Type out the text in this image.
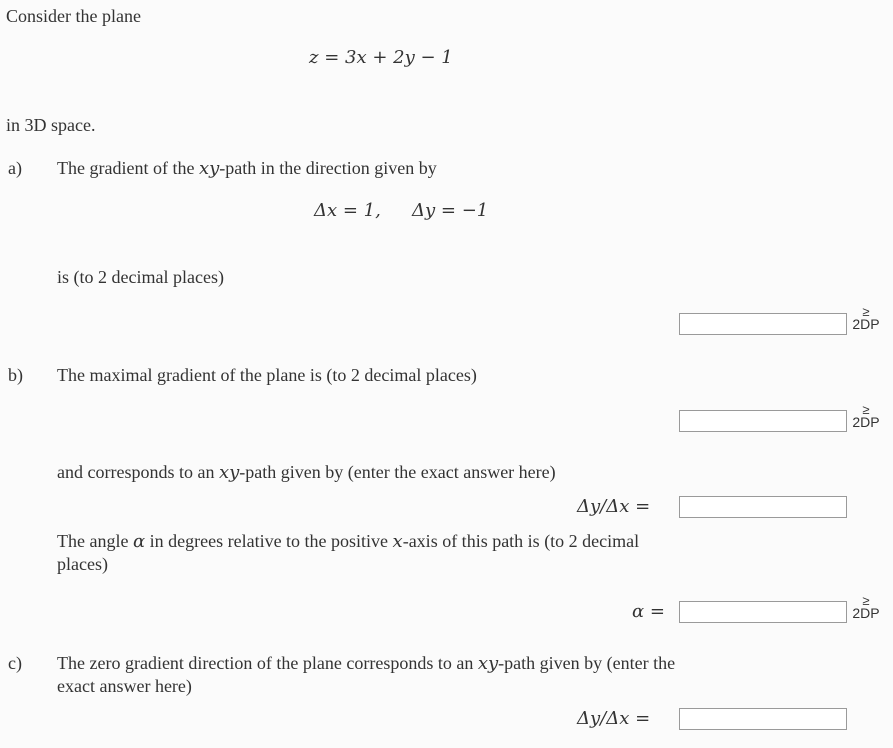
Consider the plane
z = 3x + 2y − 1
in 3D space.
a) The gradient of the xy-path in the direction given by
Δx = 1, Δy = −1
is (to 2 decimal places)
≥
2DP
b) The maximal gradient of the plane is (to 2 decimal places)
≥
2DP
and corresponds to an xy-path given by (enter the exact answer here)
Δy/Δx =
The angle α in degrees relative to the positive x-axis of this path is (to 2 decimal
places)
α =
≥
2DP
c) The zero gradient direction of the plane corresponds to an xy-path given by (enter the
exact answer here)
Δy/Δx =
